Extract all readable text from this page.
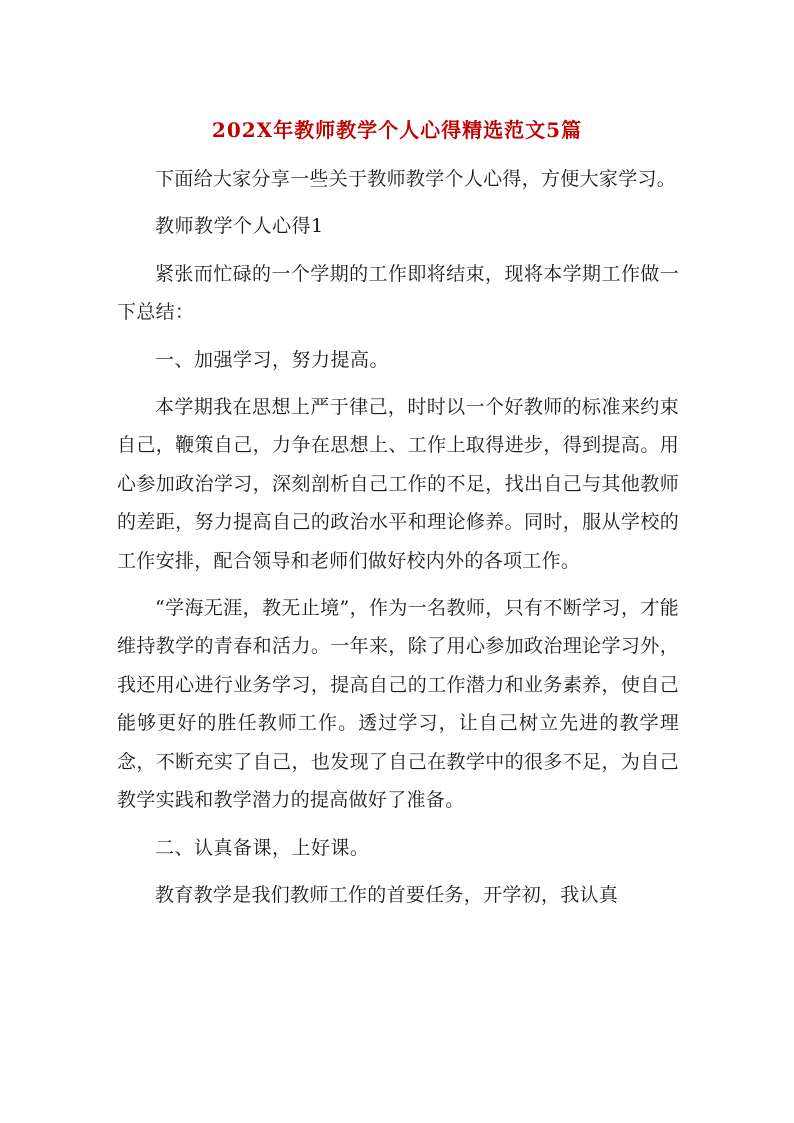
202X年教师教学个人心得精选范文5篇

下面给大家分享一些关于教师教学个人心得，方便大家学习。

教师教学个人心得1

紧张而忙碌的一个学期的工作即将结束，现将本学期工作做一下总结：

一、加强学习，努力提高。

本学期我在思想上严于律己，时时以一个好教师的标准来约束自己，鞭策自己，力争在思想上、工作上取得进步，得到提高。用心参加政治学习，深刻剖析自己工作的不足，找出自己与其他教师的差距，努力提高自己的政治水平和理论修养。同时，服从学校的工作安排，配合领导和老师们做好校内外的各项工作。

“学海无涯，教无止境”，作为一名教师，只有不断学习，才能维持教学的青春和活力。一年来，除了用心参加政治理论学习外，我还用心进行业务学习，提高自己的工作潜力和业务素养，使自己能够更好的胜任教师工作。透过学习，让自己树立先进的教学理念，不断充实了自己，也发现了自己在教学中的很多不足，为自己教学实践和教学潜力的提高做好了准备。

二、认真备课，上好课。

教育教学是我们教师工作的首要任务，开学初，我认真
